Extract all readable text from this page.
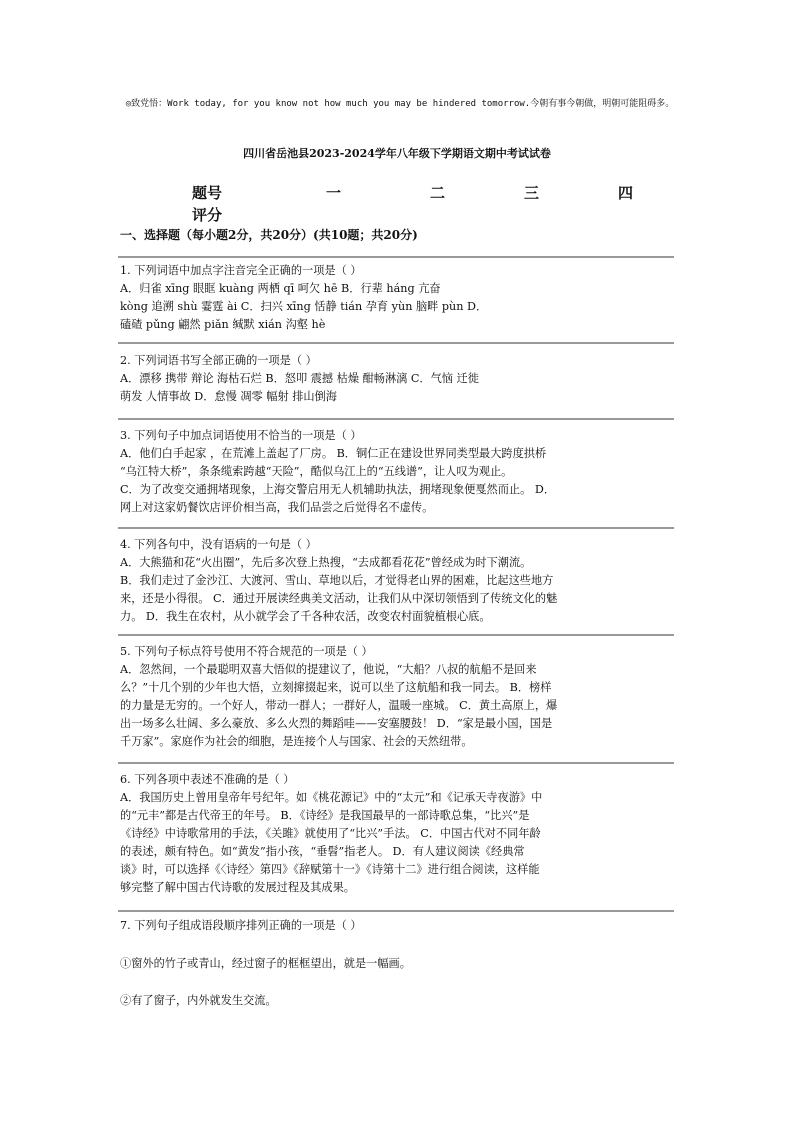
◎致党悟：Work today, for you know not how much you may be hindered tomorrow.今朝有事今朝做，明朝可能阻碍多。
四川省岳池县2023-2024学年八年级下学期语文期中考试试卷
题号	一	二	三	四
评分
一、选择题（每小题2分，共20分）(共10题；共20分)

1. 下列词语中加点字注音完全正确的一项是（ ）

A．归雀 xīng 眼眶 kuàng 两栖 qī 呵欠 hē B．行辈 háng 亢奋

kòng 追溯 shù 霎霆 ài C．扫兴 xīng 恬静 tián 孕育 yùn 脑畔 pùn D．

磕碴 pǔng 翩然 piǎn 缄默 xián 沟壑 hè

2. 下列词语书写全部正确的一项是（ ）

A．漂移 携带 辩论 海枯石烂 B．怒叩 震撼 枯燥 酣畅淋漓 C．气恼 迁徙

萌发 人情事故 D．怠慢 凋零 幅射 排山倒海

3. 下列句子中加点词语使用不恰当的一项是（ ）

A．他们白手起家 ，在荒滩上盖起了厂房。 B．铜仁正在建设世界同类型最大跨度拱桥

“乌江特大桥”，条条缆索跨越“天险”，酷似乌江上的“五线谱”，让人叹为观止。

C．为了改变交通拥堵现象，上海交警启用无人机辅助执法，拥堵现象便戛然而止。 D．

网上对这家奶餐饮店评价相当高，我们品尝之后觉得名不虚传。

4. 下列各句中，没有语病的一句是（ ）

A．大熊猫和花“火出圈”，先后多次登上热搜，“去成都看花花”曾经成为时下潮流。

B．我们走过了金沙江、大渡河、雪山、草地以后，才觉得老山界的困难，比起这些地方

来，还是小得很。 C．通过开展读经典美文活动，让我们从中深切领悟到了传统文化的魅

力。 D．我生在农村，从小就学会了千各种农活，改变农村面貌植根心底。

5. 下列句子标点符号使用不符合规范的一项是（ ）

A．忽然间，一个最聪明双喜大悟似的提建议了，他说，“大船？八叔的航船不是回来

么？”十几个别的少年也大悟，立刻撺掇起来，说可以坐了这航船和我一同去。 B．榜样

的力量是无穷的。一个好人，带动一群人；一群好人，温暖一座城。 C．黄土高原上，爆

出一场多么壮阔、多么豪放、多么火烈的舞蹈哇——安塞腰鼓！ D．“家是最小国，国是

千万家”。家庭作为社会的细胞，是连接个人与国家、社会的天然纽带。

6. 下列各项中表述不准确的是（ ）

A．我国历史上曾用皇帝年号纪年。如《桃花源记》中的“太元”和《记承天寺夜游》中

的“元丰”都是古代帝王的年号。 B．《诗经》是我国最早的一部诗歌总集，“比兴”是

《诗经》中诗歌常用的手法，《关雎》就使用了“比兴”手法。 C．中国古代对不同年龄

的表述，颇有特色。如“黄发”指小孩，“垂髫”指老人。 D．有人建议阅读《经典常

谈》时，可以选择《〈诗经〉第四》《辞赋第十一》《诗第十二》进行组合阅读，这样能

够完整了解中国古代诗歌的发展过程及其成果。

7. 下列句子组成语段顺序排列正确的一项是（ ）
①窗外的竹子或青山，经过窗子的框框望出，就是一幅画。
②有了窗子，内外就发生交流。
